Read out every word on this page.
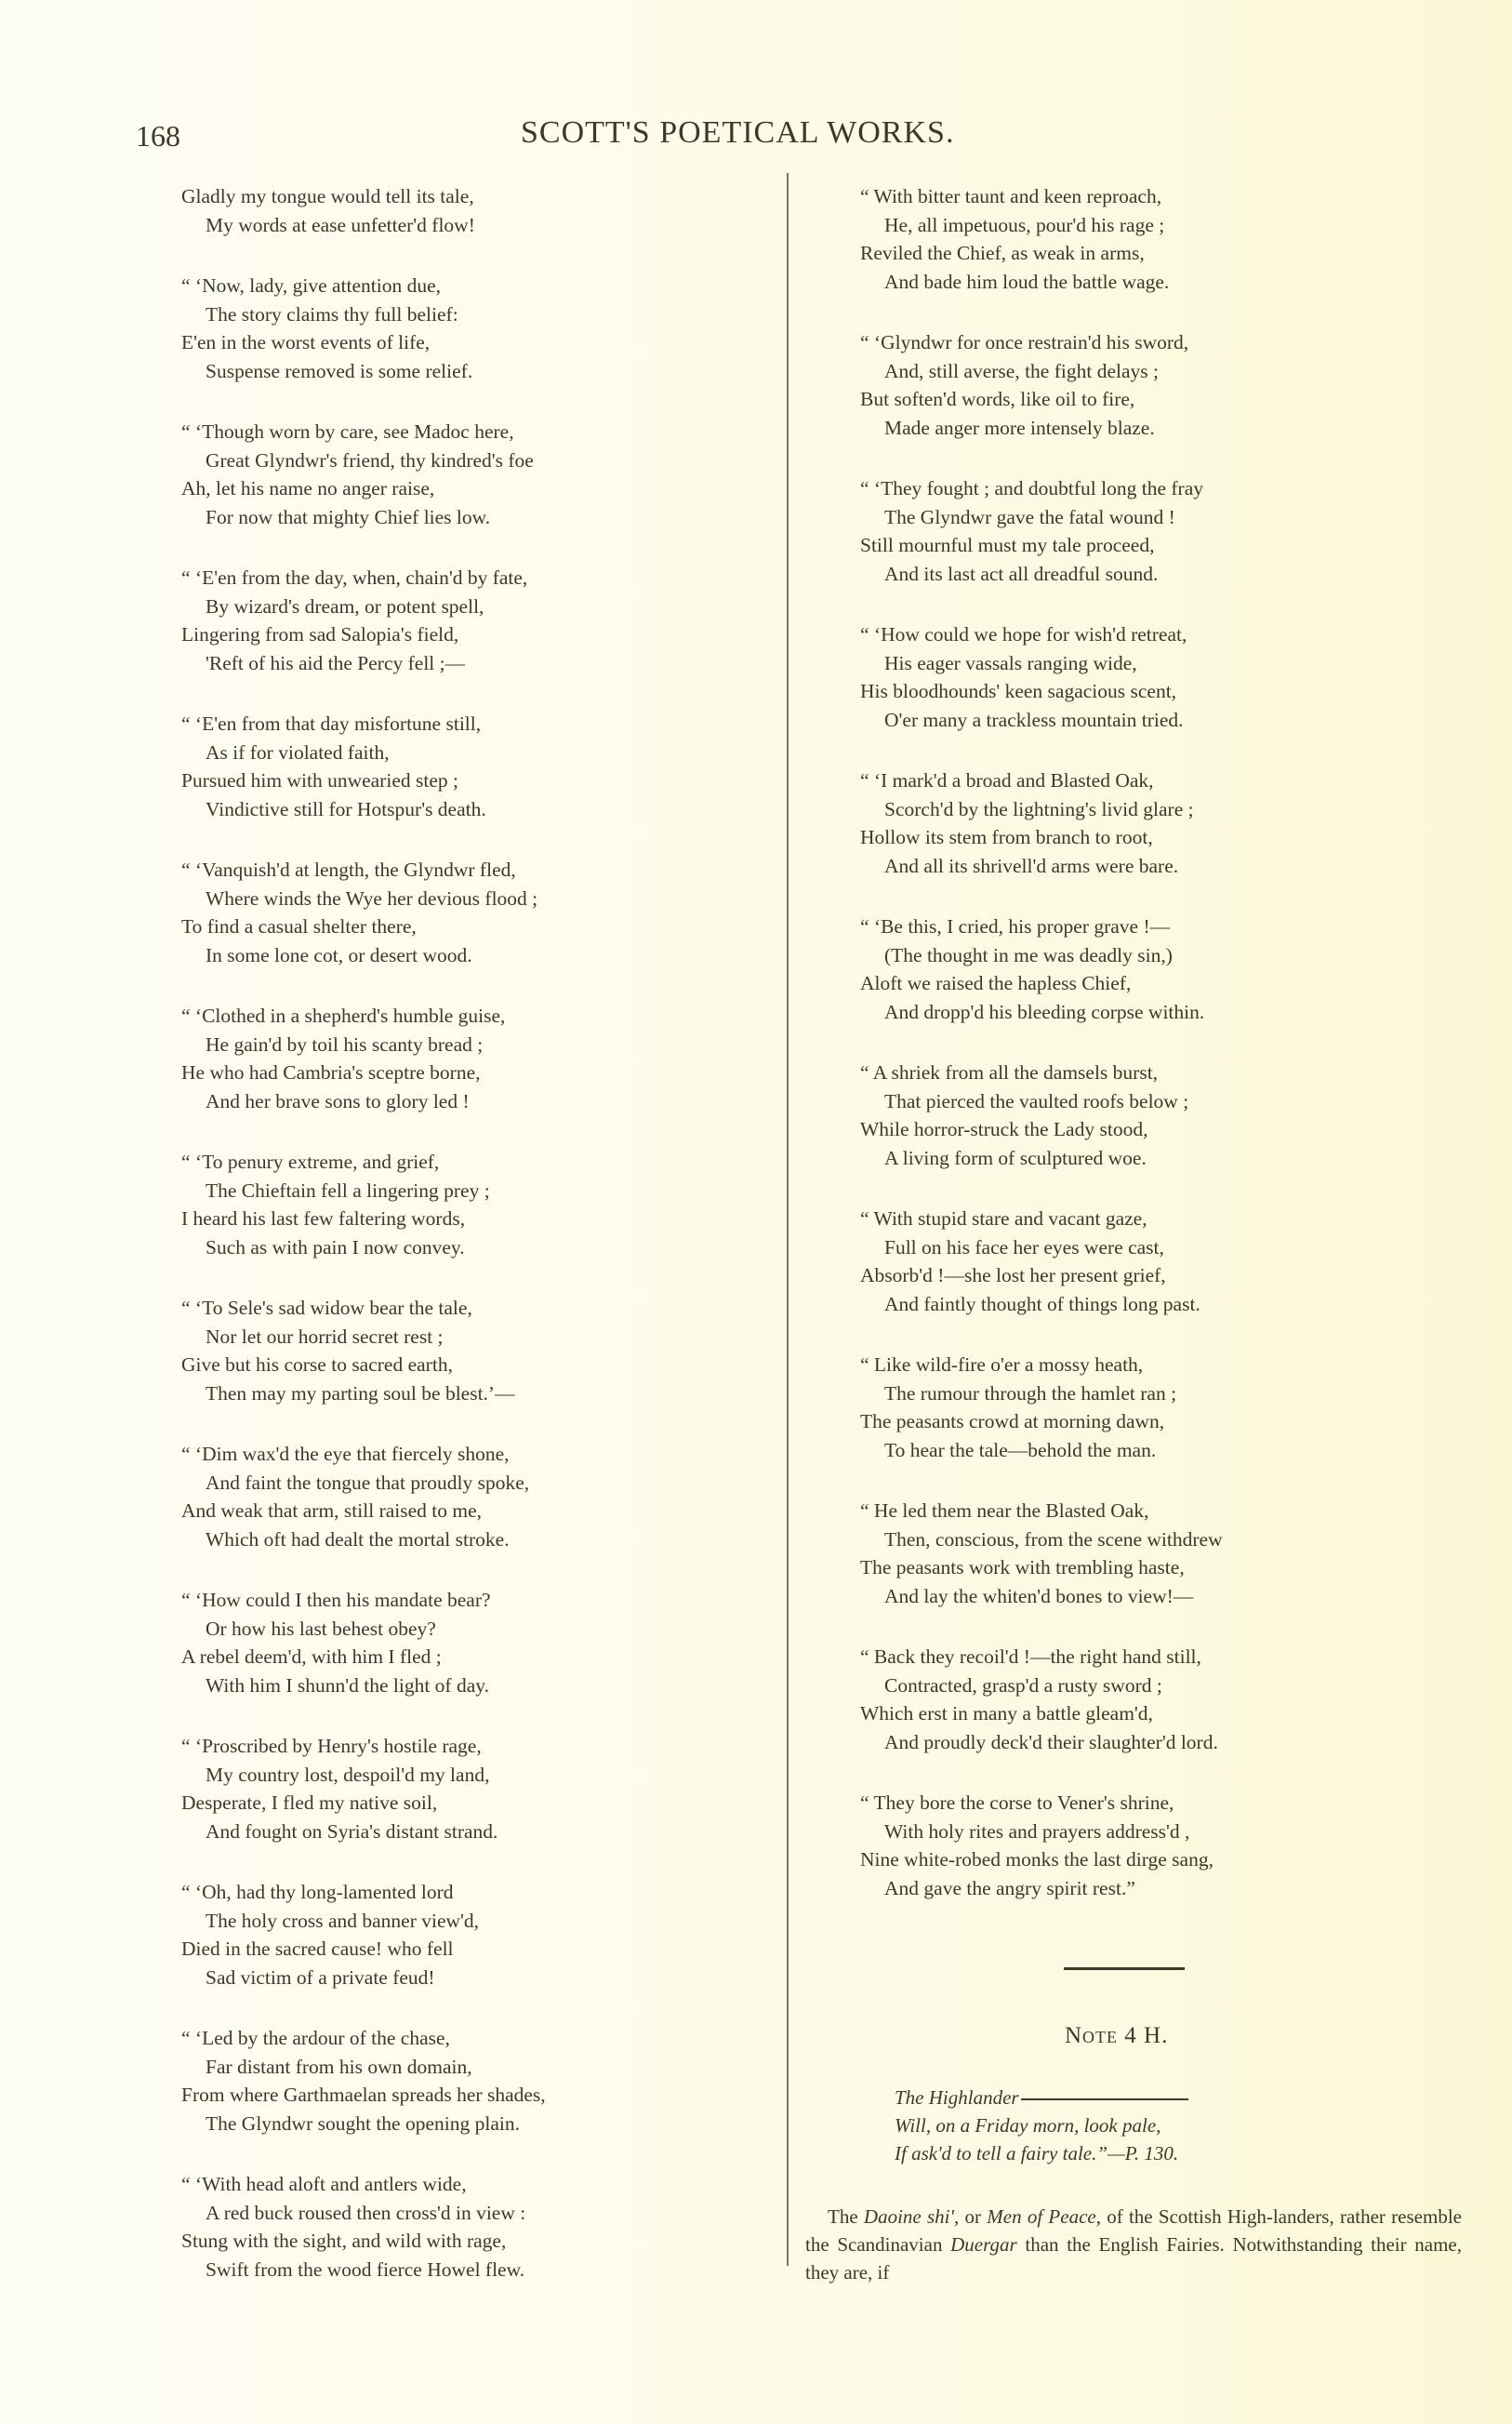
168	SCOTT'S POETICAL WORKS.
Gladly my tongue would tell its tale,
My words at ease unfetter'd flow!
“ ‘Now, lady, give attention due,
The story claims thy full belief:
E'en in the worst events of life,
Suspense removed is some relief.
“ ‘Though worn by care, see Madoc here,
Great Glyndwr's friend, thy kindred's foe
Ah, let his name no anger raise,
For now that mighty Chief lies low.
“ ‘E'en from the day, when, chain'd by fate,
By wizard's dream, or potent spell,
Lingering from sad Salopia's field,
'Reft of his aid the Percy fell ;—
“ ‘E'en from that day misfortune still,
As if for violated faith,
Pursued him with unwearied step ;
Vindictive still for Hotspur's death.
“ ‘Vanquish'd at length, the Glyndwr fled,
Where winds the Wye her devious flood ;
To find a casual shelter there,
In some lone cot, or desert wood.
“ ‘Clothed in a shepherd's humble guise,
He gain'd by toil his scanty bread ;
He who had Cambria's sceptre borne,
And her brave sons to glory led !
“ ‘To penury extreme, and grief,
The Chieftain fell a lingering prey ;
I heard his last few faltering words,
Such as with pain I now convey.
“ ‘To Sele's sad widow bear the tale,
Nor let our horrid secret rest ;
Give but his corse to sacred earth,
Then may my parting soul be blest.’—
“ ‘Dim wax'd the eye that fiercely shone,
And faint the tongue that proudly spoke,
And weak that arm, still raised to me,
Which oft had dealt the mortal stroke.
“ ‘How could I then his mandate bear?
Or how his last behest obey?
A rebel deem'd, with him I fled ;
With him I shunn'd the light of day.
“ ‘Proscribed by Henry's hostile rage,
My country lost, despoil'd my land,
Desperate, I fled my native soil,
And fought on Syria's distant strand.
“ ‘Oh, had thy long-lamented lord
The holy cross and banner view'd,
Died in the sacred cause! who fell
Sad victim of a private feud!
“ ‘Led by the ardour of the chase,
Far distant from his own domain,
From where Garthmaelan spreads her shades,
The Glyndwr sought the opening plain.
“ ‘With head aloft and antlers wide,
A red buck roused then cross'd in view :
Stung with the sight, and wild with rage,
Swift from the wood fierce Howel flew.
“ With bitter taunt and keen reproach,
He, all impetuous, pour'd his rage ;
Reviled the Chief, as weak in arms,
And bade him loud the battle wage.
“ ‘Glyndwr for once restrain'd his sword,
And, still averse, the fight delays ;
But soften'd words, like oil to fire,
Made anger more intensely blaze.
“ ‘They fought ; and doubtful long the fray
The Glyndwr gave the fatal wound !
Still mournful must my tale proceed,
And its last act all dreadful sound.
“ ‘How could we hope for wish'd retreat,
His eager vassals ranging wide,
His bloodhounds' keen sagacious scent,
O'er many a trackless mountain tried.
“ ‘I mark'd a broad and Blasted Oak,
Scorch'd by the lightning's livid glare ;
Hollow its stem from branch to root,
And all its shrivell'd arms were bare.
“ ‘Be this, I cried, his proper grave !—
(The thought in me was deadly sin,)
Aloft we raised the hapless Chief,
And dropp'd his bleeding corpse within.
“ A shriek from all the damsels burst,
That pierced the vaulted roofs below ;
While horror-struck the Lady stood,
A living form of sculptured woe.
“ With stupid stare and vacant gaze,
Full on his face her eyes were cast,
Absorb'd !—she lost her present grief,
And faintly thought of things long past.
“ Like wild-fire o'er a mossy heath,
The rumour through the hamlet ran ;
The peasants crowd at morning dawn,
To hear the tale—behold the man.
“ He led them near the Blasted Oak,
Then, conscious, from the scene withdrew
The peasants work with trembling haste,
And lay the whiten'd bones to view!—
“ Back they recoil'd !—the right hand still,
Contracted, grasp'd a rusty sword ;
Which erst in many a battle gleam'd,
And proudly deck'd their slaughter'd lord.
“ They bore the corse to Vener's shrine,
With holy rites and prayers address'd ,
Nine white-robed monks the last dirge sang,
And gave the angry spirit rest.”
Note 4 H.
The Highlander
Will, on a Friday morn, look pale,
If ask'd to tell a fairy tale.”—P. 130.
The Daoine shi', or Men of Peace, of the Scottish High-landers, rather resemble the Scandinavian Duergar than the English Fairies. Notwithstanding their name, they are, if
